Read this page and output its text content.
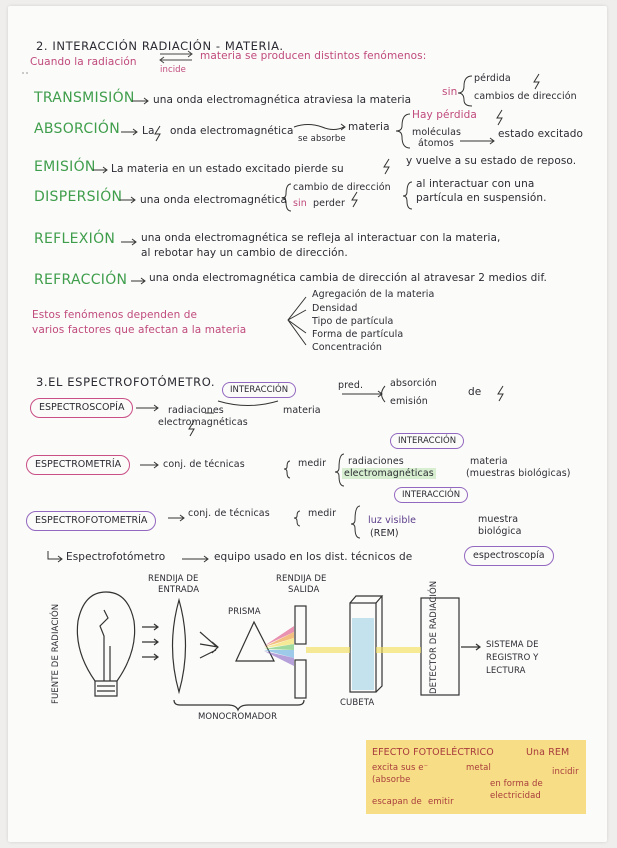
2. INTERACCIÓN RADIACIÓN - MATERIA.
Cuando la radiación
incide
materia se producen distintos fenómenos:
TRANSMISIÓN una onda electromagnética atraviesa la materia
sin
pérdida
cambios de dirección
ABSORCIÓN La onda electromagnética
se absorbe
materia
Hay pérdida
moléculas
átomos
estado excitado
EMISIÓN La materia en un estado excitado pierde su
y vuelve a su estado de reposo.
DISPERSIÓN una onda electromagnética
cambio de dirección
sin perder
al interactuar con una
partícula en suspensión.
REFLEXIÓN una onda electromagnética se refleja al interactuar con la materia,
al rebotar hay un cambio de dirección.
REFRACCIÓN una onda electromagnética cambia de dirección al atravesar 2 medios dif.
Estos fenómenos dependen de
varios factores que afectan a la materia
Agregación de la materia
Densidad
Tipo de partícula
Forma de partícula
Concentración
3.EL ESPECTROFOTÓMETRO.
ESPECTROSCOPÍA
INTERACCIÓN
radiaciones
electromagnéticas
materia
pred.	absorción
emisión
de
ESPECTROMETRÍA	conj. de técnicas	medir
INTERACCIÓN
radiaciones
electromagnéticas
materia
(muestras biológicas)
ESPECTROFOTOMETRÍA
conj. de técnicas	medir
INTERACCIÓN
luz visible
(REM)
muestra
biológica
Espectrofotómetro	equipo usado en los dist. técnicos de	espectroscopía
FUENTE DE RADIACIÓN
RENDIJA DE
ENTRADA
PRISMA
RENDIJA DE
SALIDA	DETECTOR DE RADIACIÓN	SISTEMA DE
REGISTRO Y
LECTURA
CUBETA
MONOCROMADOR
EFECTO FOTOELÉCTRICO	Una REM
excita sus e⁻	metal	incidir
(absorbe	en forma de
electricidad
escapan de emitir
